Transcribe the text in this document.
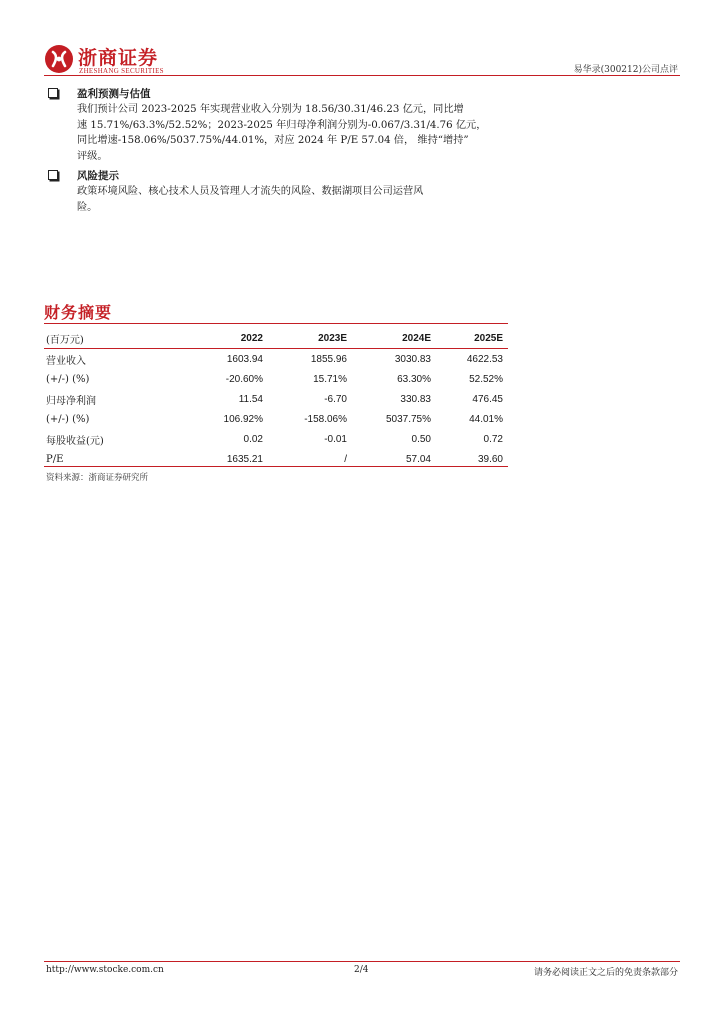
浙商证券
ZHESHANG SECURITIES	易华录(300212)公司点评
盈利预测与估值
我们预计公司 2023-2025 年实现营业收入分别为 18.56/30.31/46.23 亿元，同比增
速 15.71%/63.3%/52.52%；2023-2025 年归母净利润分别为-0.067/3.31/4.76 亿元，
同比增速-158.06%/5037.75%/44.01%，对应 2024 年 P/E 57.04 倍， 维持“增持”
评级。
风险提示
政策环境风险、核心技术人员及管理人才流失的风险、数据湖项目公司运营风
险。
财务摘要
(百万元)	2022	2023E	2024E	2025E
营业收入	1603.94	1855.96	3030.83	4622.53
(+/-) (%)	-20.60%	15.71%	63.30%	52.52%
归母净利润	11.54	-6.70	330.83	476.45
(+/-) (%)	106.92%	-158.06%	5037.75%	44.01%
每股收益(元)	0.02	-0.01	0.50	0.72
P/E	1635.21	/	57.04	39.60
资料来源：浙商证券研究所
http://www.stocke.com.cn	2/4	请务必阅读正文之后的免责条款部分
